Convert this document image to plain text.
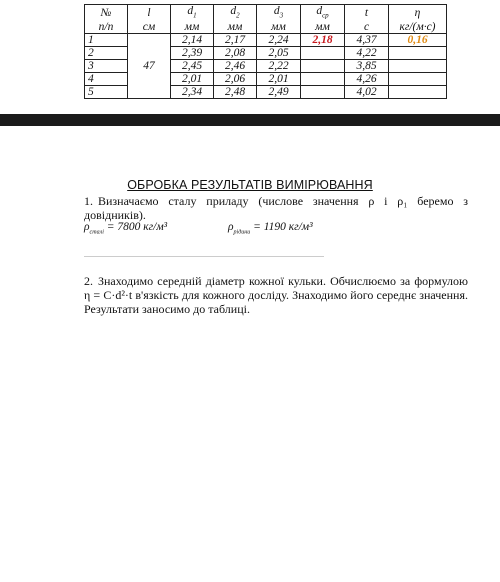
№	l	$d_1$	$d_2$	$d_3$	$d_{ср}$	t	η
п/п	см	мм	мм	мм	мм	с	кг/(м·с)
1	47	2,14	2,17	2,24	2,18	4,37	0,16
2		2,39	2,08	2,05		4,22	
3		2,45	2,46	2,22		3,85	
4		2,01	2,06	2,01		4,26	
5		2,34	2,48	2,49		4,02	
ОБРОБКА РЕЗУЛЬТАТІВ ВИМІРЮВАННЯ
1. Визначаємо сталу приладу (числове значення ρ і ρ₁ беремо з довідників).
$\rho_{сталі} = 7800$ кг/м³	$\rho_{рідини} = 1190$ кг/м³
2. Знаходимо середній діаметр кожної кульки. Обчислюємо за формулою η = C·d²·t в'язкість для кожного досліду. Знаходимо його середнє значення. Результати заносимо до таблиці.
